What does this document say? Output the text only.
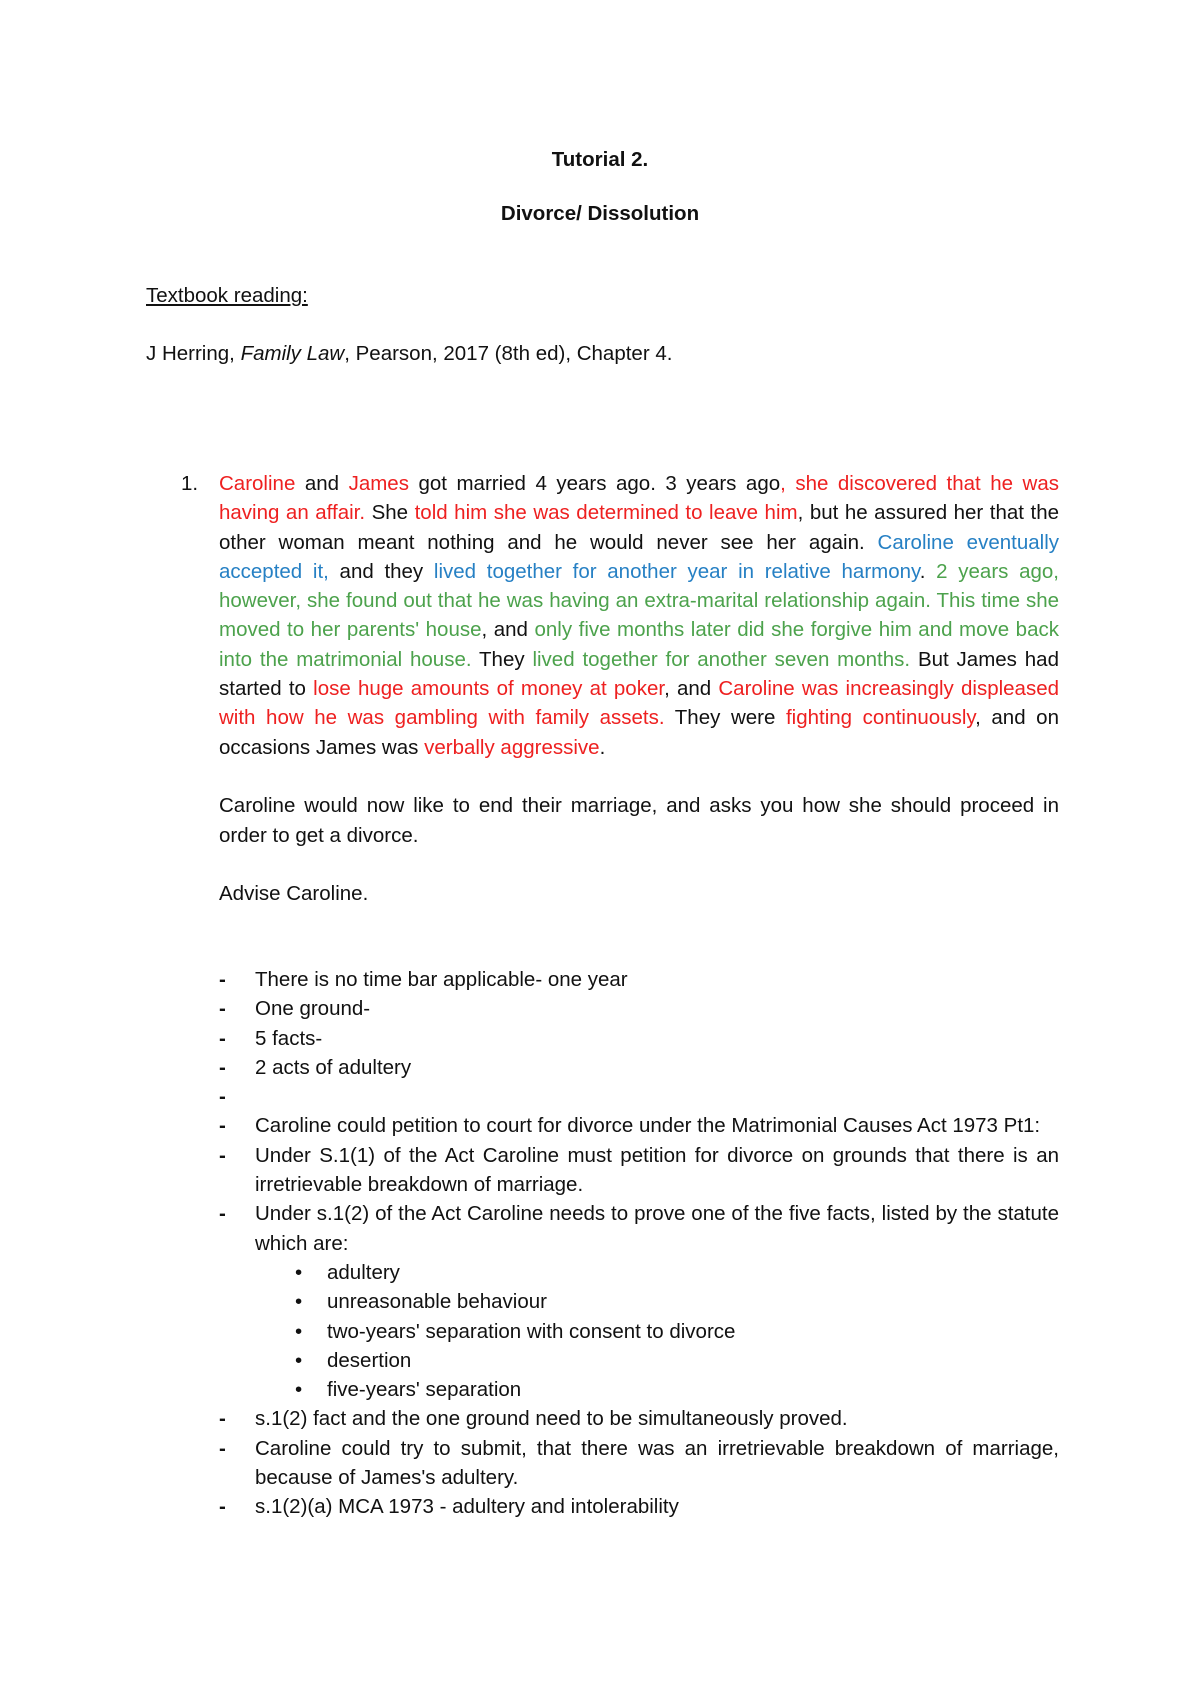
Tutorial 2.
Divorce/ Dissolution
Textbook reading:
J Herring, Family Law, Pearson, 2017 (8th ed), Chapter 4.
1. Caroline and James got married 4 years ago. 3 years ago, she discovered that he was having an affair. She told him she was determined to leave him, but he assured her that the other woman meant nothing and he would never see her again. Caroline eventually accepted it, and they lived together for another year in relative harmony. 2 years ago, however, she found out that he was having an extra-marital relationship again. This time she moved to her parents' house, and only five months later did she forgive him and move back into the matrimonial house. They lived together for another seven months. But James had started to lose huge amounts of money at poker, and Caroline was increasingly displeased with how he was gambling with family assets. They were fighting continuously, and on occasions James was verbally aggressive.
Caroline would now like to end their marriage, and asks you how she should proceed in order to get a divorce.
Advise Caroline.
- There is no time bar applicable- one year
- One ground-
- 5 facts-
- 2 acts of adultery
-

- Caroline could petition to court for divorce under the Matrimonial Causes Act 1973 Pt1:
- Under S.1(1) of the Act Caroline must petition for divorce on grounds that there is an irretrievable breakdown of marriage.
- Under s.1(2) of the Act Caroline needs to prove one of the five facts, listed by the statute which are:
• adultery
• unreasonable behaviour
• two-years' separation with consent to divorce
• desertion
• five-years' separation
- s.1(2) fact and the one ground need to be simultaneously proved.
- Caroline could try to submit, that there was an irretrievable breakdown of marriage, because of James's adultery.
- s.1(2)(a) MCA 1973 - adultery and intolerability
